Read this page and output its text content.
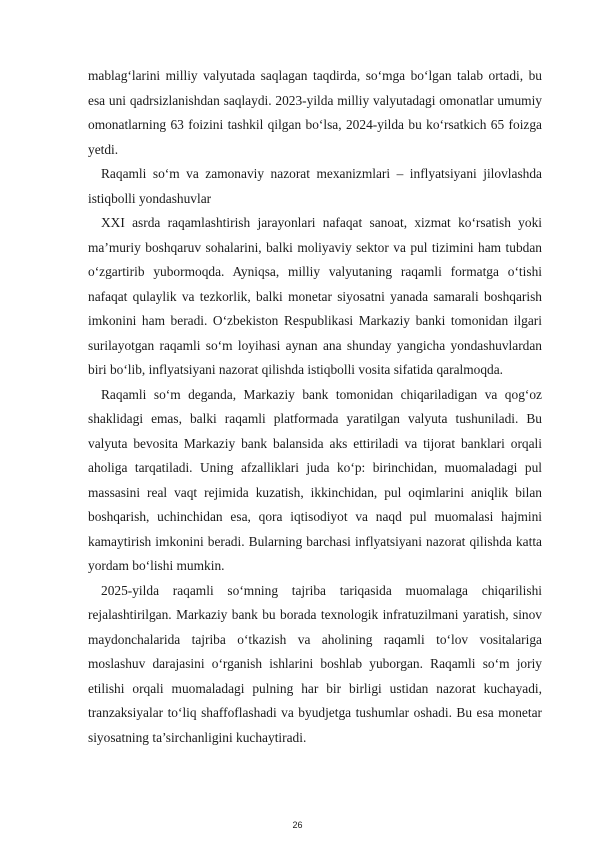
mablag‘larini milliy valyutada saqlagan taqdirda, so‘mga bo‘lgan talab ortadi, bu esa uni qadrsizlanishdan saqlaydi. 2023-yilda milliy valyutadagi omonatlar umumiy omonatlarning 63 foizini tashkil qilgan bo‘lsa, 2024-yilda bu ko‘rsatkich 65 foizga yetdi.

Raqamli so‘m va zamonaviy nazorat mexanizmlari – inflyatsiyani jilovlashda istiqbolli yondashuvlar

XXI asrda raqamlashtirish jarayonlari nafaqat sanoat, xizmat ko‘rsatish yoki ma’muriy boshqaruv sohalarini, balki moliyaviy sektor va pul tizimini ham tubdan o‘zgartirib yubormoqda. Ayniqsa, milliy valyutaning raqamli formatga o‘tishi nafaqat qulaylik va tezkorlik, balki monetar siyosatni yanada samarali boshqarish imkonini ham beradi. O‘zbekiston Respublikasi Markaziy banki tomonidan ilgari surilayotgan raqamli so‘m loyihasi aynan ana shunday yangicha yondashuvlardan biri bo‘lib, inflyatsiyani nazorat qilishda istiqbolli vosita sifatida qaralmoqda.

Raqamli so‘m deganda, Markaziy bank tomonidan chiqariladigan va qog‘oz shaklidagi emas, balki raqamli platformada yaratilgan valyuta tushuniladi. Bu valyuta bevosita Markaziy bank balansida aks ettiriladi va tijorat banklari orqali aholiga tarqatiladi. Uning afzalliklari juda ko‘p: birinchidan, muomaladagi pul massasini real vaqt rejimida kuzatish, ikkinchidan, pul oqimlarini aniqlik bilan boshqarish, uchinchidan esa, qora iqtisodiyot va naqd pul muomalasi hajmini kamaytirish imkonini beradi. Bularning barchasi inflyatsiyani nazorat qilishda katta yordam bo‘lishi mumkin.

2025-yilda raqamli so‘mning tajriba tariqasida muomalaga chiqarilishi rejalashtirilgan. Markaziy bank bu borada texnologik infratuzilmani yaratish, sinov maydonchalarida tajriba o‘tkazish va aholining raqamli to‘lov vositalariga moslashuv darajasini o‘rganish ishlarini boshlab yuborgan. Raqamli so‘m joriy etilishi orqali muomaladagi pulning har bir birligi ustidan nazorat kuchayadi, tranzaksiyalar to‘liq shaffoflashadi va byudjetga tushumlar oshadi. Bu esa monetar siyosatning ta’sirchanligini kuchaytiradi.

26
